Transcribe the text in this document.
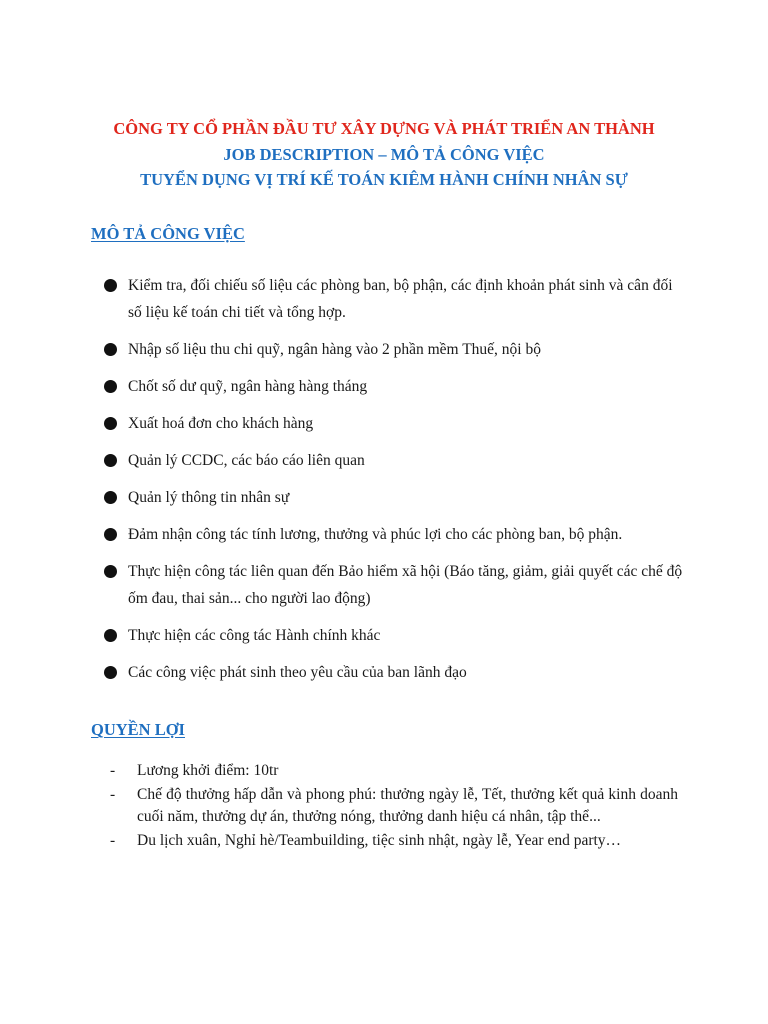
CÔNG TY CỔ PHẦN ĐẦU TƯ XÂY DỰNG VÀ PHÁT TRIỂN AN THÀNH
JOB DESCRIPTION – MÔ TẢ CÔNG VIỆC
TUYỂN DỤNG VỊ TRÍ KẾ TOÁN KIÊM HÀNH CHÍNH NHÂN SỰ
MÔ TẢ CÔNG VIỆC
Kiểm tra, đối chiếu số liệu các phòng ban, bộ phận, các định khoản phát sinh và cân đối số liệu kế toán chi tiết và tổng hợp.
Nhập số liệu thu chi quỹ, ngân hàng vào 2 phần mềm Thuế, nội bộ
Chốt số dư quỹ, ngân hàng hàng tháng
Xuất hoá đơn cho khách hàng
Quản lý CCDC, các báo cáo liên quan
Quản lý thông tin nhân sự
Đảm nhận công tác tính lương, thưởng và phúc lợi cho các phòng ban, bộ phận.
Thực hiện công tác liên quan đến Bảo hiểm xã hội (Báo tăng, giảm, giải quyết các chế độ ốm đau, thai sản... cho người lao động)
Thực hiện các công tác Hành chính khác
Các công việc phát sinh theo yêu cầu của ban lãnh đạo
QUYỀN LỢI
- Lương khởi điểm: 10tr
- Chế độ thưởng hấp dẫn và phong phú: thưởng ngày lễ, Tết, thưởng kết quả kinh doanh cuối năm, thưởng dự án, thưởng nóng, thưởng danh hiệu cá nhân, tập thể...
- Du lịch xuân, Nghỉ hè/Teambuilding, tiệc sinh nhật, ngày lễ, Year end party…
